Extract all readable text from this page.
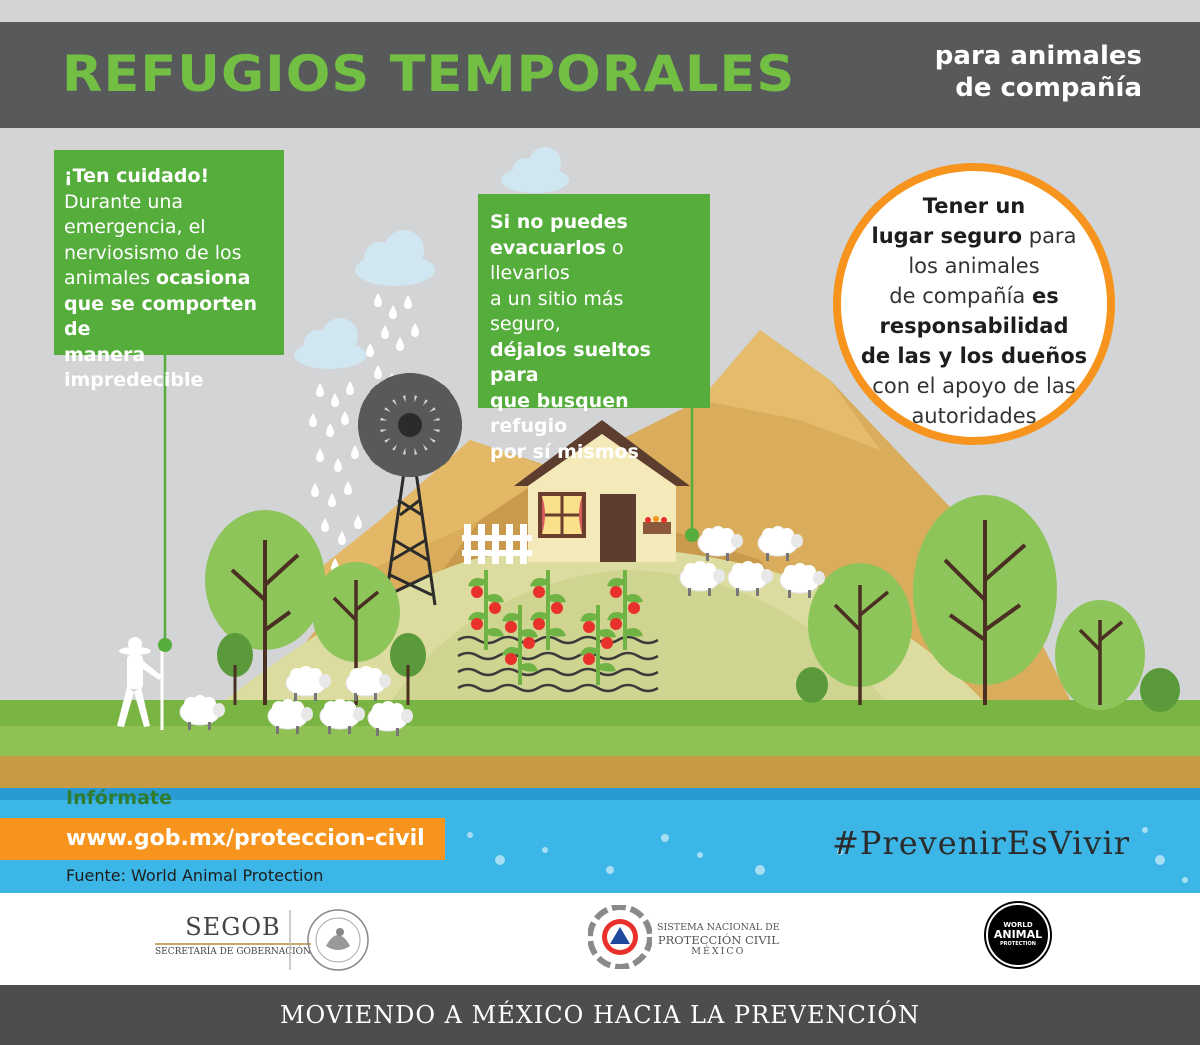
REFUGIOS TEMPORALES	para animales
de compañía
¡Ten cuidado!
Durante una
emergencia, el
nerviosismo de los
animales ocasiona
que se comporten de
manera impredecible
Si no puedes
evacuarlos o llevarlos
a un sitio más seguro,
déjalos sueltos para
que busquen refugio
por sí mismos
Tener un
lugar seguro para
los animales
de compañía es
responsabilidad
de las y los dueños
con el apoyo de las
autoridades
Infórmate
www.gob.mx/proteccion-civil
Fuente: World Animal Protection
#PrevenirEsVivir
SEGOB
SECRETARÍA DE GOBERNACIÓN
SISTEMA NACIONAL DE
PROTECCIÓN CIVIL
MÉXICO
WORLD
ANIMAL
PROTECTION
MOVIENDO A MÉXICO HACIA LA PREVENCIÓN
